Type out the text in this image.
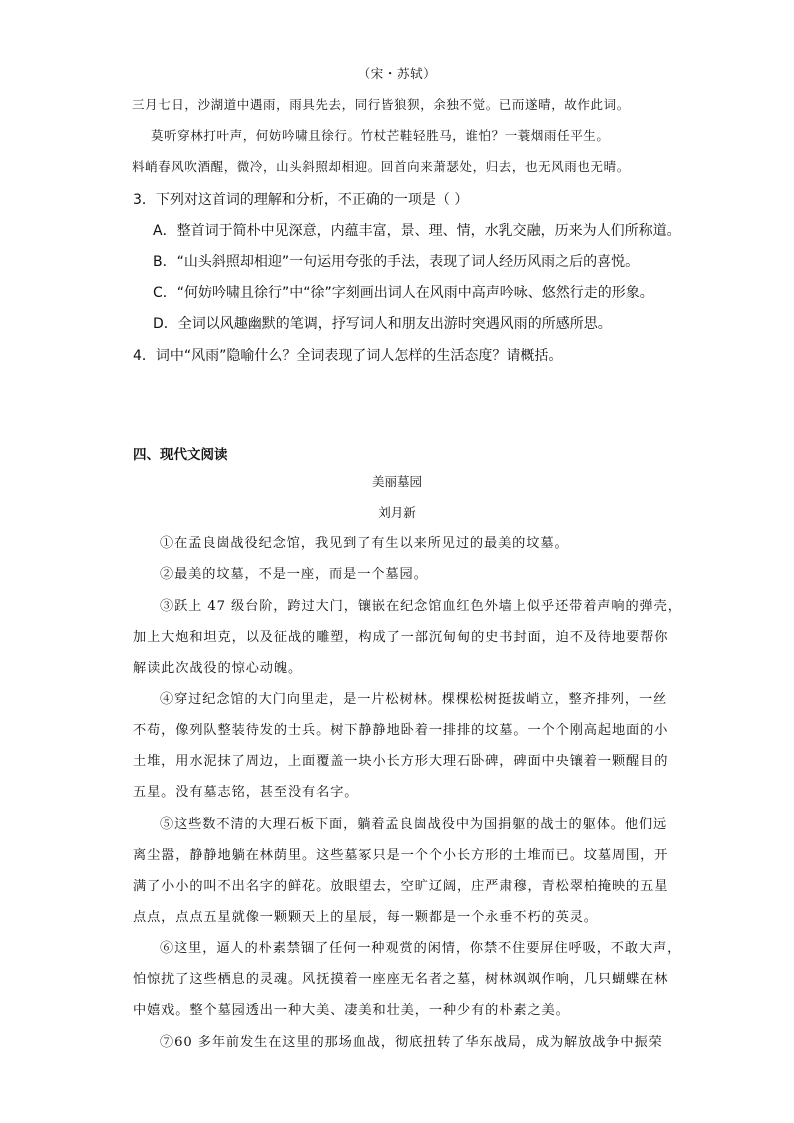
（宋・苏轼）
三月七日，沙湖道中遇雨，雨具先去，同行皆狼狈，余独不觉。已而遂晴，故作此词。
莫听穿林打叶声，何妨吟啸且徐行。竹杖芒鞋轻胜马，谁怕？一蓑烟雨任平生。
料峭春风吹酒醒，微冷，山头斜照却相迎。回首向来萧瑟处，归去，也无风雨也无晴。
3．下列对这首词的理解和分析，不正确的一项是（ ）
A．整首词于简朴中见深意，内蕴丰富，景、理、情，水乳交融，历来为人们所称道。
B．“山头斜照却相迎”一句运用夸张的手法，表现了词人经历风雨之后的喜悦。
C．“何妨吟啸且徐行”中“徐”字刻画出词人在风雨中高声吟咏、悠然行走的形象。
D．全词以风趣幽默的笔调，抒写词人和朋友出游时突遇风雨的所感所思。
4．词中“风雨”隐喻什么？全词表现了词人怎样的生活态度？请概括。
四、现代文阅读
美丽墓园
刘月新
①在孟良崮战役纪念馆，我见到了有生以来所见过的最美的坟墓。
②最美的坟墓，不是一座，而是一个墓园。
③跃上 47 级台阶，跨过大门，镶嵌在纪念馆血红色外墙上似乎还带着声响的弹壳，
加上大炮和坦克，以及征战的雕塑，构成了一部沉甸甸的史书封面，迫不及待地要帮你
解读此次战役的惊心动魄。
④穿过纪念馆的大门向里走，是一片松树林。棵棵松树挺拔峭立，整齐排列，一丝
不苟，像列队整装待发的士兵。树下静静地卧着一排排的坟墓。一个个刚高起地面的小
土堆，用水泥抹了周边，上面覆盖一块小长方形大理石卧碑，碑面中央镶着一颗醒目的
五星。没有墓志铭，甚至没有名字。
⑤这些数不清的大理石板下面，躺着孟良崮战役中为国捐躯的战士的躯体。他们远
离尘嚣，静静地躺在林荫里。这些墓冢只是一个个小长方形的土堆而已。坟墓周围，开
满了小小的叫不出名字的鲜花。放眼望去，空旷辽阔，庄严肃穆，青松翠柏掩映的五星
点点，点点五星就像一颗颗天上的星辰，每一颗都是一个永垂不朽的英灵。
⑥这里，逼人的朴素禁锢了任何一种观赏的闲情，你禁不住要屏住呼吸，不敢大声，
怕惊扰了这些栖息的灵魂。风抚摸着一座座无名者之墓，树林飒飒作响，几只蝴蝶在林
中嬉戏。整个墓园透出一种大美、凄美和壮美，一种少有的朴素之美。
⑦60 多年前发生在这里的那场血战，彻底扭转了华东战局，成为解放战争中振荣
